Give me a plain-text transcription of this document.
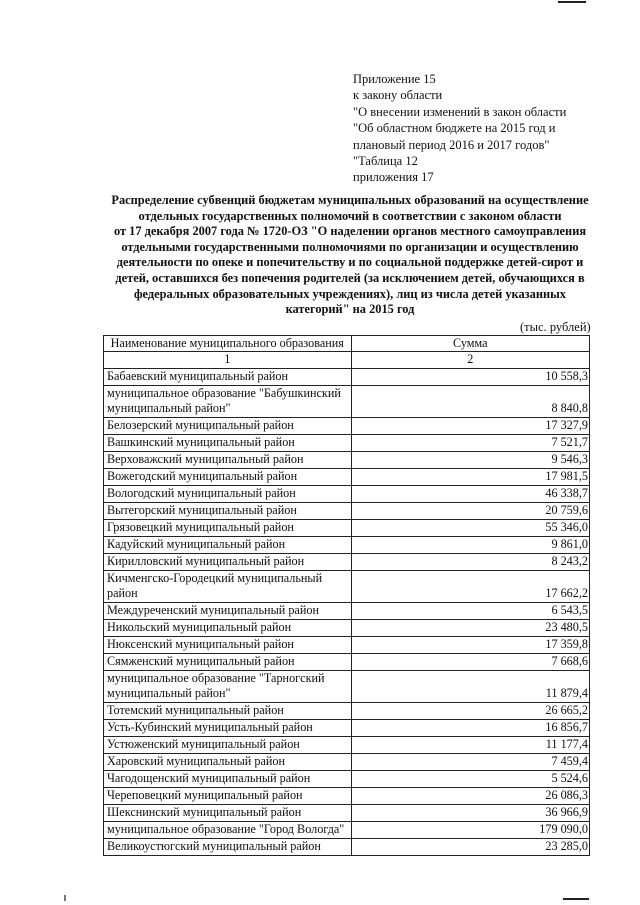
Приложение 15
к закону области
"О внесении изменений в закон области
"Об областном бюджете на 2015 год и
плановый период 2016 и 2017 годов"
"Таблица 12
приложения 17
Распределение субвенций бюджетам муниципальных образований на осуществление
отдельных государственных полномочий в соответствии с законом области
от 17 декабря 2007 года № 1720-ОЗ "О наделении органов местного самоуправления
отдельными государственными полномочиями по организации и осуществлению
деятельности по опеке и попечительству и по социальной поддержке детей-сирот и
детей, оставшихся без попечения родителей (за исключением детей, обучающихся в
федеральных образовательных учреждениях), лиц из числа детей указанных
категорий" на 2015 год
(тыс. рублей)
Наименование муниципального образования	Сумма
1	2
Бабаевский муниципальный район	10 558,3
муниципальное образование "Бабушкинский муниципальный район"	8 840,8
Белозерский муниципальный район	17 327,9
Вашкинский муниципальный район	7 521,7
Верховажский муниципальный район	9 546,3
Вожегодский муниципальный район	17 981,5
Вологодский муниципальный район	46 338,7
Вытегорский муниципальный район	20 759,6
Грязовецкий муниципальный район	55 346,0
Кадуйский муниципальный район	9 861,0
Кирилловский муниципальный район	8 243,2
Кичменгско-Городецкий муниципальный район	17 662,2
Междуреченский муниципальный район	6 543,5
Никольский муниципальный район	23 480,5
Нюксенский муниципальный район	17 359,8
Сямженский муниципальный район	7 668,6
муниципальное образование "Тарногский муниципальный район"	11 879,4
Тотемский муниципальный район	26 665,2
Усть-Кубинский муниципальный район	16 856,7
Устюженский муниципальный район	11 177,4
Харовский муниципальный район	7 459,4
Чагодощенский муниципальный район	5 524,6
Череповецкий муниципальный район	26 086,3
Шекснинский муниципальный район	36 966,9
муниципальное образование "Город Вологда"	179 090,0
Великоустюгский муниципальный район	23 285,0
